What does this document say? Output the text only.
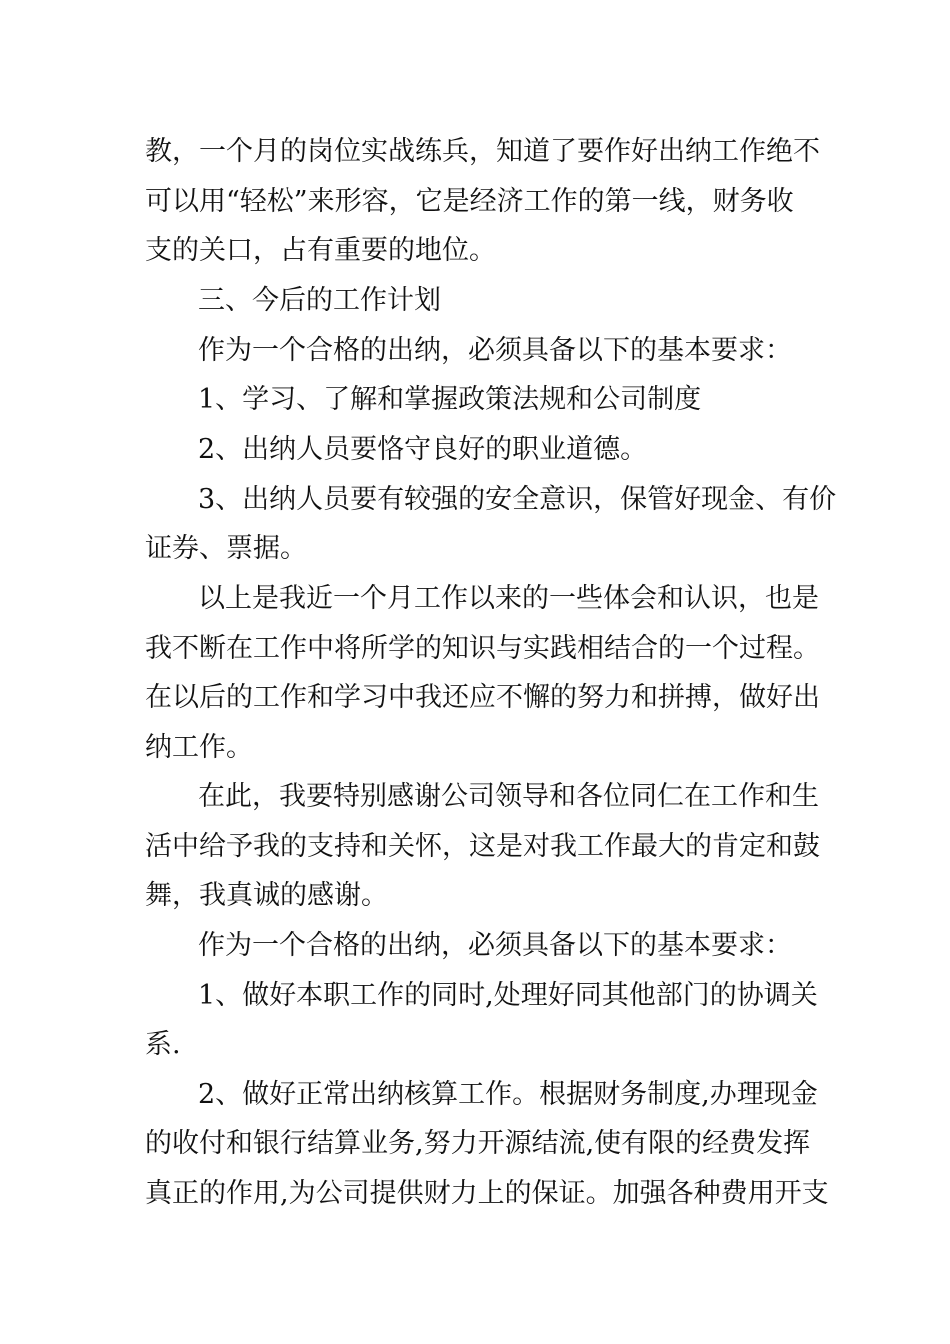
教，一个月的岗位实战练兵，知道了要作好出纳工作绝不
可以用“轻松”来形容，它是经济工作的第一线，财务收
支的关口，占有重要的地位。
三、今后的工作计划
作为一个合格的出纳，必须具备以下的基本要求：
1、学习、了解和掌握政策法规和公司制度
2、出纳人员要恪守良好的职业道德。
3、出纳人员要有较强的安全意识，保管好现金、有价
证券、票据。
以上是我近一个月工作以来的一些体会和认识，也是
我不断在工作中将所学的知识与实践相结合的一个过程。
在以后的工作和学习中我还应不懈的努力和拼搏，做好出
纳工作。
在此，我要特别感谢公司领导和各位同仁在工作和生
活中给予我的支持和关怀，这是对我工作最大的肯定和鼓
舞，我真诚的感谢。
作为一个合格的出纳，必须具备以下的基本要求：
1、做好本职工作的同时,处理好同其他部门的协调关
系.
2、做好正常出纳核算工作。根据财务制度,办理现金
的收付和银行结算业务,努力开源结流,使有限的经费发挥
真正的作用,为公司提供财力上的保证。加强各种费用开支
